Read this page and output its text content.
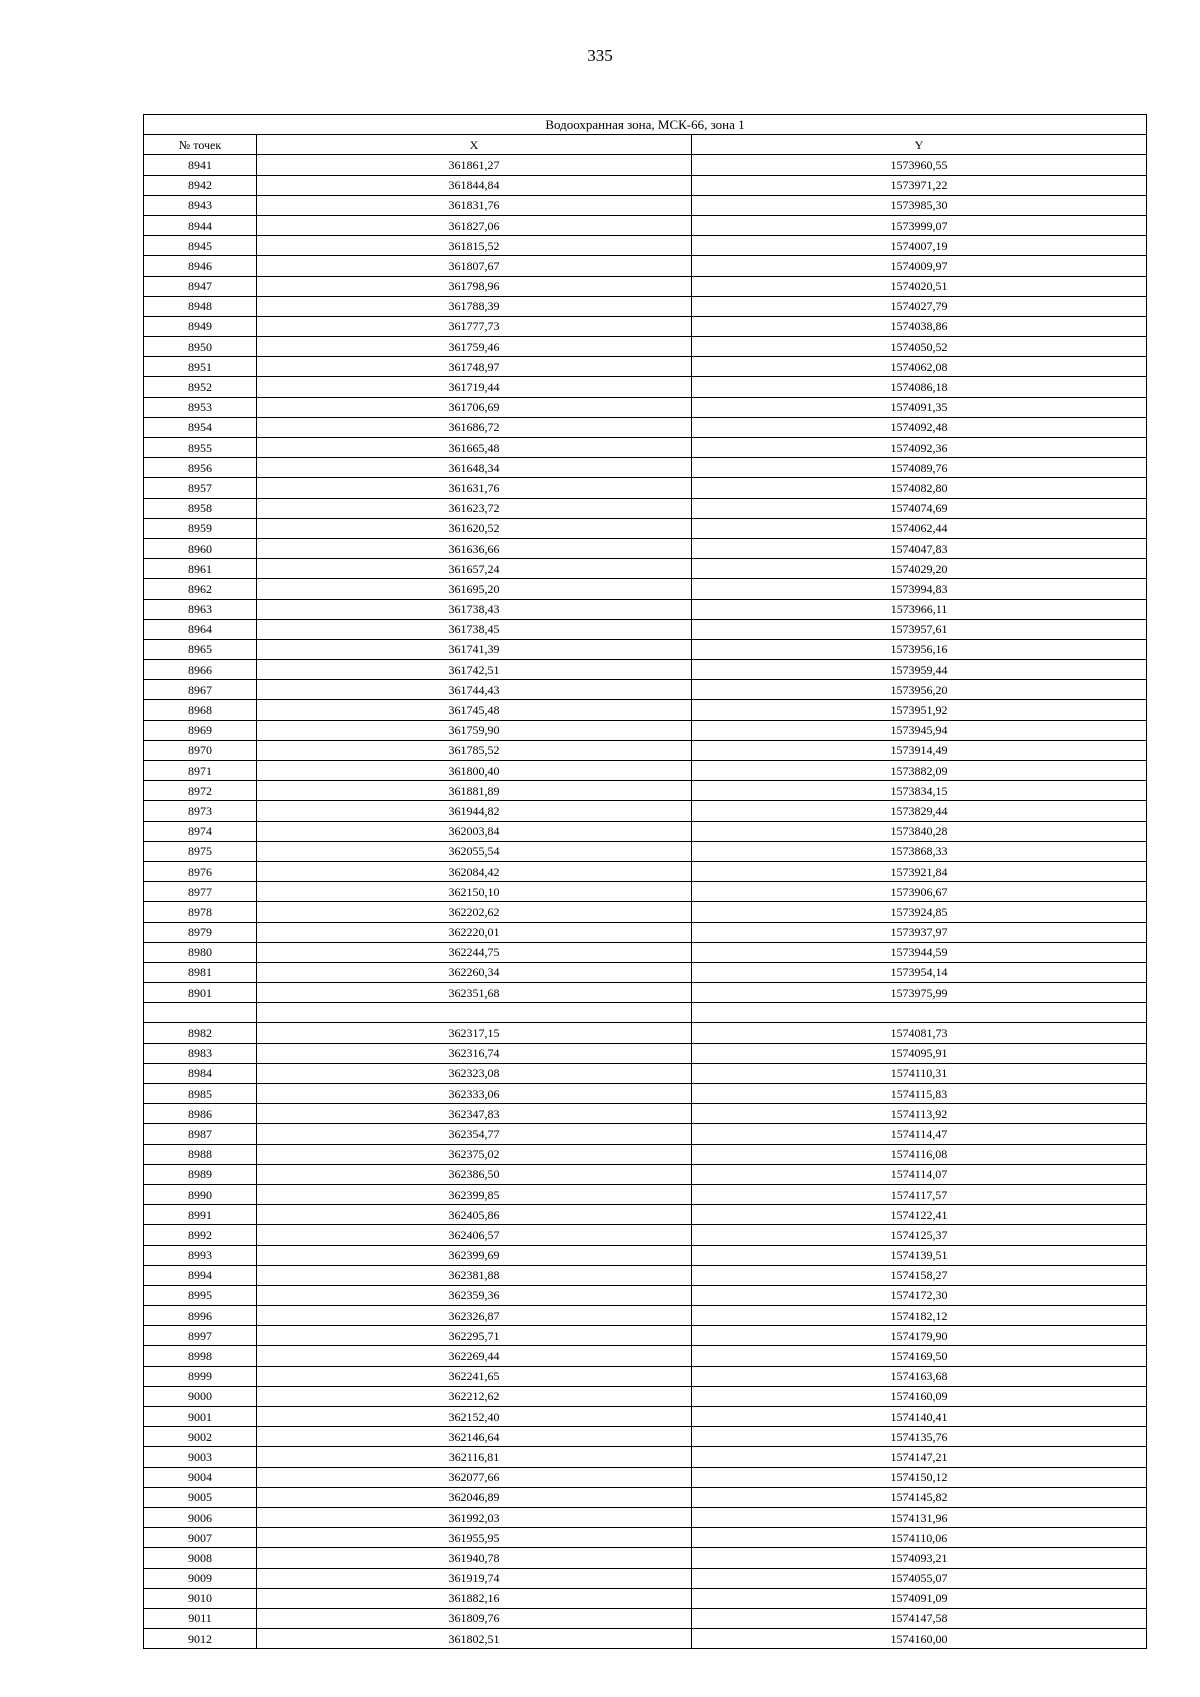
335
Водоохранная зона, МСК-66, зона 1		
№ точек	X	Y
8941	361861,27	1573960,55
8942	361844,84	1573971,22
8943	361831,76	1573985,30
8944	361827,06	1573999,07
8945	361815,52	1574007,19
8946	361807,67	1574009,97
8947	361798,96	1574020,51
8948	361788,39	1574027,79
8949	361777,73	1574038,86
8950	361759,46	1574050,52
8951	361748,97	1574062,08
8952	361719,44	1574086,18
8953	361706,69	1574091,35
8954	361686,72	1574092,48
8955	361665,48	1574092,36
8956	361648,34	1574089,76
8957	361631,76	1574082,80
8958	361623,72	1574074,69
8959	361620,52	1574062,44
8960	361636,66	1574047,83
8961	361657,24	1574029,20
8962	361695,20	1573994,83
8963	361738,43	1573966,11
8964	361738,45	1573957,61
8965	361741,39	1573956,16
8966	361742,51	1573959,44
8967	361744,43	1573956,20
8968	361745,48	1573951,92
8969	361759,90	1573945,94
8970	361785,52	1573914,49
8971	361800,40	1573882,09
8972	361881,89	1573834,15
8973	361944,82	1573829,44
8974	362003,84	1573840,28
8975	362055,54	1573868,33
8976	362084,42	1573921,84
8977	362150,10	1573906,67
8978	362202,62	1573924,85
8979	362220,01	1573937,97
8980	362244,75	1573944,59
8981	362260,34	1573954,14
8901	362351,68	1573975,99

8982	362317,15	1574081,73
8983	362316,74	1574095,91
8984	362323,08	1574110,31
8985	362333,06	1574115,83
8986	362347,83	1574113,92
8987	362354,77	1574114,47
8988	362375,02	1574116,08
8989	362386,50	1574114,07
8990	362399,85	1574117,57
8991	362405,86	1574122,41
8992	362406,57	1574125,37
8993	362399,69	1574139,51
8994	362381,88	1574158,27
8995	362359,36	1574172,30
8996	362326,87	1574182,12
8997	362295,71	1574179,90
8998	362269,44	1574169,50
8999	362241,65	1574163,68
9000	362212,62	1574160,09
9001	362152,40	1574140,41
9002	362146,64	1574135,76
9003	362116,81	1574147,21
9004	362077,66	1574150,12
9005	362046,89	1574145,82
9006	361992,03	1574131,96
9007	361955,95	1574110,06
9008	361940,78	1574093,21
9009	361919,74	1574055,07
9010	361882,16	1574091,09
9011	361809,76	1574147,58
9012	361802,51	1574160,00
